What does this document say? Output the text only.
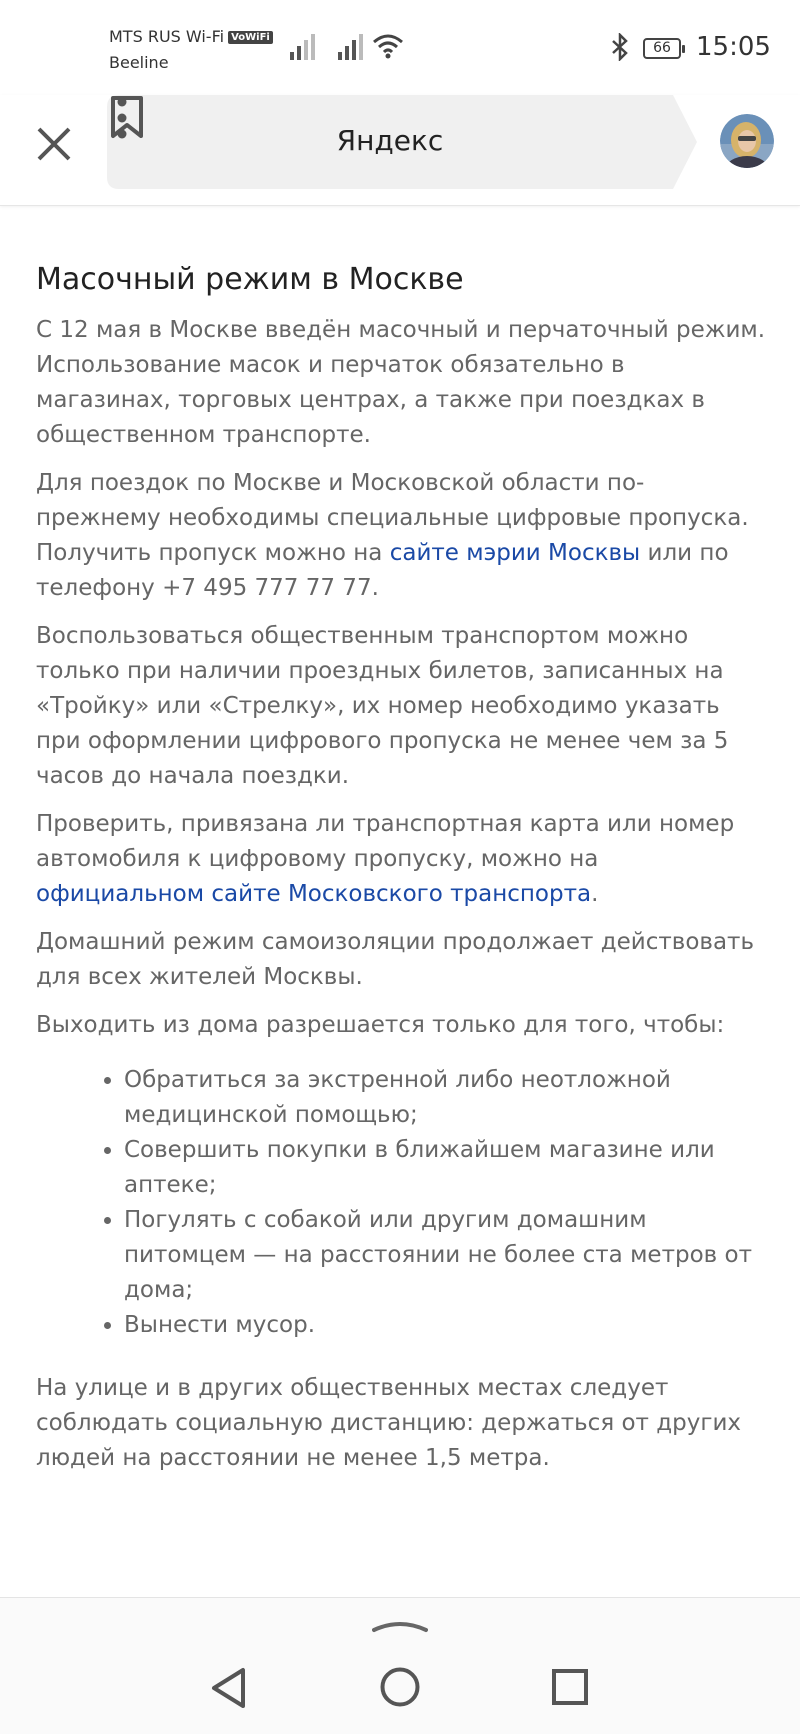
MTS RUS Wi-Fi VoWiFi
Beeline
66 15:05
Яндекс
Масочный режим в Москве

С 12 мая в Москве введён масочный и перчаточный режим. Использование масок и перчаток обязательно в магазинах, торговых центрах, а также при поездках в общественном транспорте.

Для поездок по Москве и Московской области по-прежнему необходимы специальные цифровые пропуска. Получить пропуск можно на сайте мэрии Москвы или по телефону +7 495 777 77 77.

Воспользоваться общественным транспортом можно только при наличии проездных билетов, записанных на «Тройку» или «Стрелку», их номер необходимо указать при оформлении цифрового пропуска не менее чем за 5 часов до начала поездки.

Проверить, привязана ли транспортная карта или номер автомобиля к цифровому пропуску, можно на официальном сайте Московского транспорта.

Домашний режим самоизоляции продолжает действовать для всех жителей Москвы.

Выходить из дома разрешается только для того, чтобы:

• Обратиться за экстренной либо неотложной медицинской помощью;
• Совершить покупки в ближайшем магазине или аптеке;
• Погулять с собакой или другим домашним питомцем — на расстоянии не более ста метров от дома;
• Вынести мусор.

На улице и в других общественных местах следует соблюдать социальную дистанцию: держаться от других людей на расстоянии не менее 1,5 метра.
